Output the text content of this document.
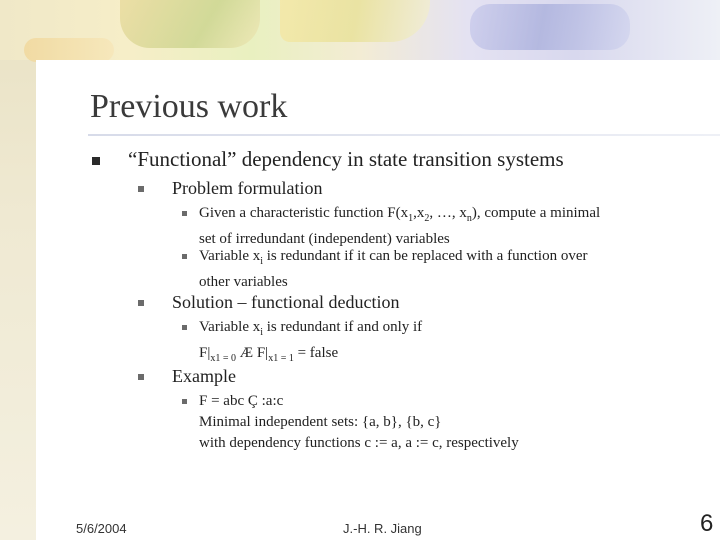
Previous work
“Functional” dependency in state transition systems
Problem formulation
Given a characteristic function $F(x_1,x_2$, …, $x_n$), compute a minimal
set of irredundant (independent) variables
Variable $x_i$ is redundant if it can be replaced with a function over
other variables
Solution – functional deduction
Variable $x_i$ is redundant if and only if
$F|_{x1 = 0}$ Æ $F|_{x1 = 1}$ = false
Example
F = abc Ç :a:c
Minimal independent sets: {a, b}, {b, c}
with dependency functions c := a, a := c, respectively
5/6/2004	J.-H. R. Jiang	6
